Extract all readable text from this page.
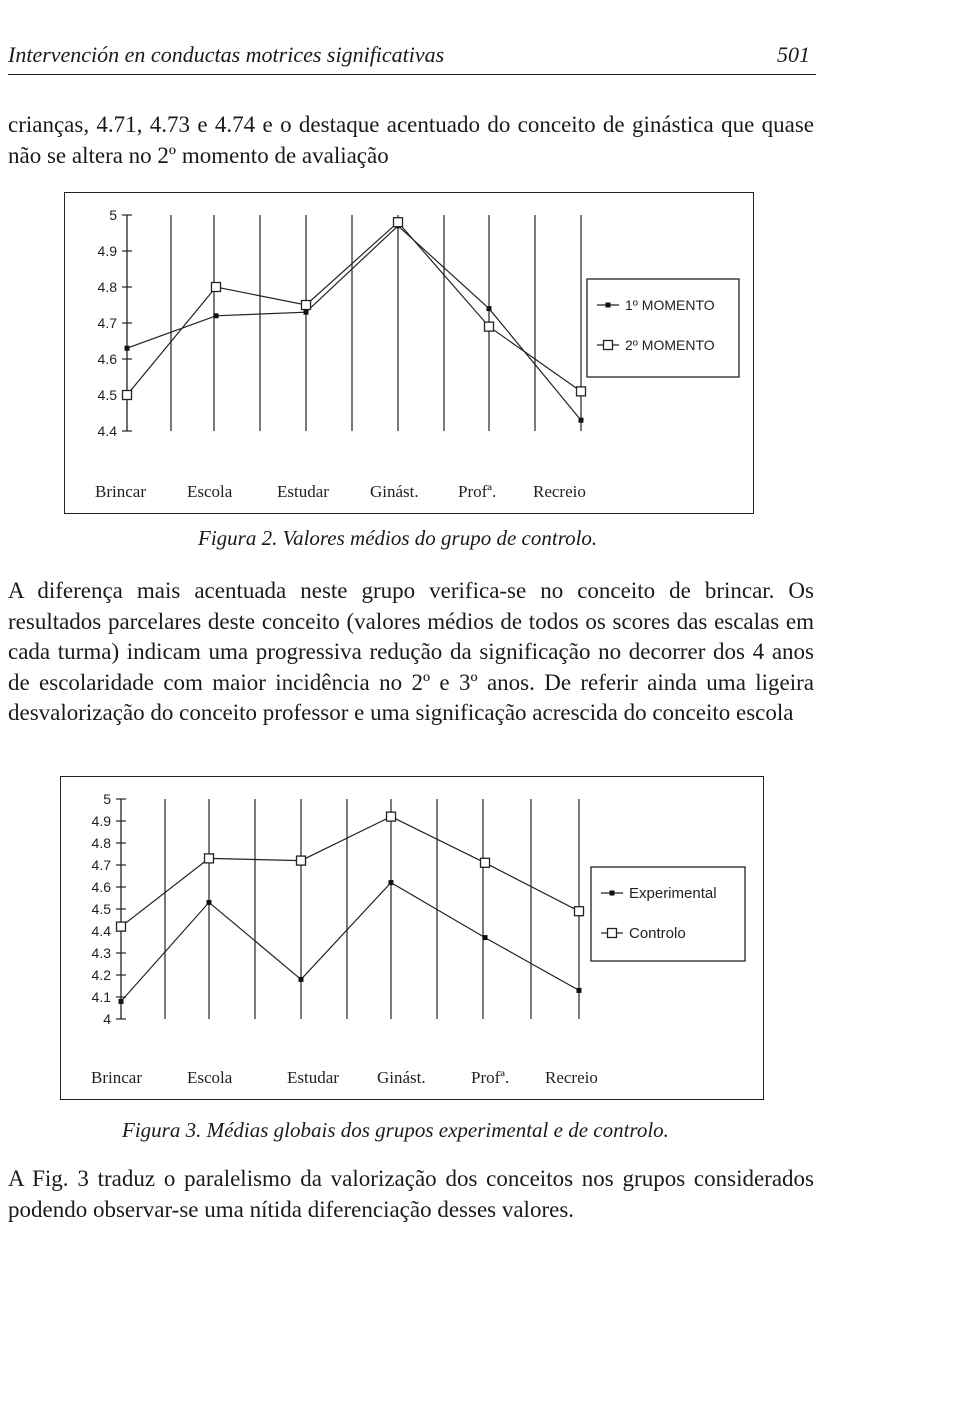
Intervención en conductas motrices significativas	501

crianças, 4.71, 4.73 e 4.74 e o destaque acentuado do conceito de ginástica que quase não se altera no 2º momento de avaliação

5
4.9
4.8
4.7
4.6
4.5
4.4
1º MOMENTO
2º MOMENTO
Brincar Escola	Estudar Ginást. Profª. Recreio
Figura 2. Valores médios do grupo de controlo.

A diferença mais acentuada neste grupo verifica-se no conceito de brincar. Os resultados parcelares deste conceito (valores médios de todos os scores das escalas em cada turma) indicam uma progressiva redução da significação no decorrer dos 4 anos de escolaridade com maior incidência no 2º e 3º anos. De referir ainda uma ligeira desvalorização do conceito professor e uma significação acrescida do conceito escola

5
4.9
4.8
4.7
4.6
4.5
4.4
4.3
4.2
4.1
4
Experimental
Controlo
Brincar	Escola	Estudar Ginást.	Profª. Recreio
Figura 3. Médias globais dos grupos experimental e de controlo.

A Fig. 3 traduz o paralelismo da valorização dos conceitos nos grupos considerados podendo observar-se uma nítida diferenciação desses valores.
